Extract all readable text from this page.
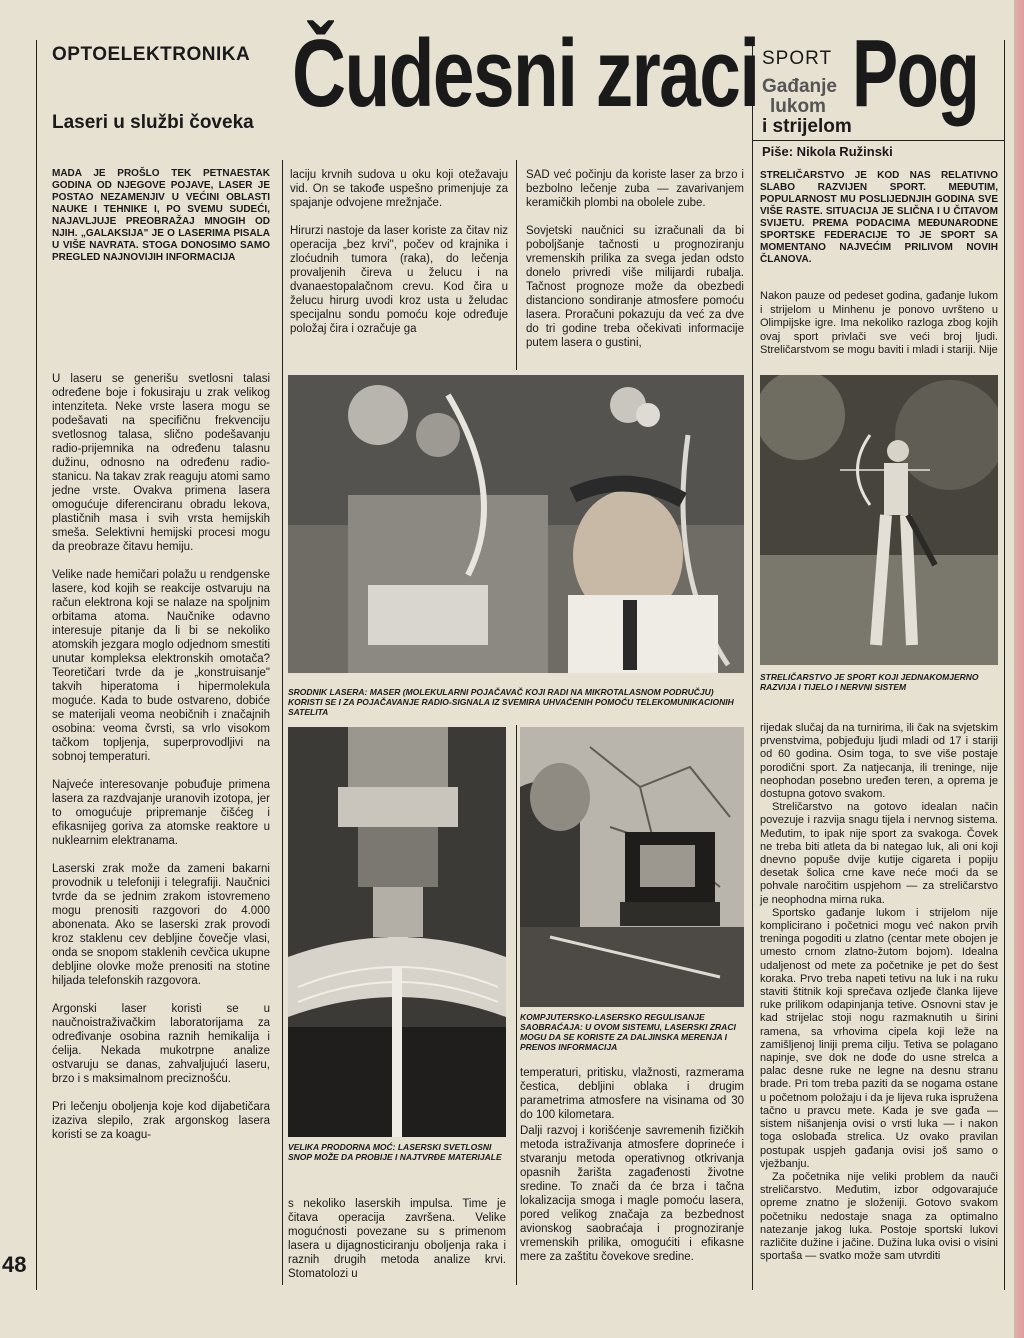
OPTOELEKTRONIKA
Laseri u službi čoveka Čudesni zraci
MADA JE PROŠLO TEK PETNAESTAK GODINA OD NJEGOVE POJAVE, LASER JE POSTAO NEZAMENJIV U VEĆINI OBLASTI NAUKE I TEHNIKE I, PO SVEMU SUDEĆI, NAJAVLJUJE PREOBRAŽAJ MNOGIH OD NJIH. „GALAKSIJA" JE O LASERIMA PISALA U VIŠE NAVRATA. STOGA DONOSIMO SAMO PREGLED NAJNOVIJIH INFORMACIJA

U laseru se generišu svetlosni talasi određene boje i fokusiraju u zrak velikog intenziteta. Neke vrste lasera mogu se podešavati na specifičnu frekvenciju svetlosnog talasa, slično podešavanju radio-prijemnika na određenu talasnu dužinu, odnosno na određenu radio-stanicu. Na takav zrak reaguju atomi samo jedne vrste. Ovakva primena lasera omogućuje diferenciranu obradu lekova, plastičnih masa i svih vrsta hemijskih smeša. Selektivni hemijski procesi mogu da preobraze čitavu hemiju.

Velike nade hemičari polažu u rendgenske lasere, kod kojih se reakcije ostvaruju na račun elektrona koji se nalaze na spoljnim orbitama atoma. Naučnike odavno interesuje pitanje da li bi se nekoliko atomskih jezgara moglo odjednom smestiti unutar kompleksa elektronskih omotača? Teoretičari tvrde da je „konstruisanje" takvih hiperatoma i hipermolekula moguće. Kada to bude ostvareno, dobiće se materijali veoma neobičnih i značajnih osobina: veoma čvrsti, sa vrlo visokom tačkom topljenja, superprovodljivi na sobnoj temperaturi.

Najveće interesovanje pobuđuje primena lasera za razdvajanje uranovih izotopa, jer to omogućuje pripremanje čišćeg i efikasnijeg goriva za atomske reaktore u nuklearnim elektranama.

Laserski zrak može da zameni bakarni provodnik u telefoniji i telegrafiji. Naučnici tvrde da se jednim zrakom istovremeno mogu prenositi razgovori do 4.000 abonenata. Ako se laserski zrak provodi kroz staklenu cev debljine čovečje vlasi, onda se snopom staklenih cevčica ukupne debljine olovke može prenositi na stotine hiljada telefonskih razgovora.

Argonski laser koristi se u naučnoistraživačkim laboratorijama za određivanje osobina raznih hemikalija i ćelija. Nekada mukotrpne analize ostvaruju se danas, zahvaljujući laseru, brzo i s maksimalnom preciznošću.

Pri lečenju oboljenja koje kod dijabetičara izaziva slepilo, zrak argonskog lasera koristi se za koagu-

laciju krvnih sudova u oku koji otežavaju vid. On se takođe uspešno primenjuje za spajanje odvojene mrežnjače.

Hirurzi nastoje da laser koriste za čitav niz operacija „bez krvi", počev od krajnika i zloćudnih tumora (raka), do lečenja provaljenih čireva u želucu i na dvanaestopalačnom crevu. Kod čira u želucu hirurg uvodi kroz usta u želudac specijalnu sondu pomoću koje određuje položaj čira i ozračuje ga

SAD već počinju da koriste laser za brzo i bezbolno lečenje zuba — zavarivanjem keramičkih plombi na obolele zube.

Sovjetski naučnici su izračunali da bi poboljšanje tačnosti u prognoziranju vremenskih prilika za svega jedan odsto donelo privredi više milijardi rubalja. Tačnost prognoze može da obezbedi distanciono sondiranje atmosfere pomoću lasera. Proračuni pokazuju da već za dve do tri godine treba očekivati informacije putem lasera o gustini,

SRODNIK LASERA: MASER (MOLEKULARNI POJAČAVAČ KOJI RADI NA MIKROTALASNOM PODRUČJU) KORISTI SE I ZA POJAČAVANJE RADIO-SIGNALA IZ SVEMIRA UHVAĆENIH POMOĆU TELEKOMUNIKACIONIH SATELITA
VELIKA PRODORNA MOĆ: LASERSKI SVETLOSNI SNOP MOŽE DA PROBIJE I NAJTVRĐE MATERIJALE
s nekoliko laserskih impulsa. Time je čitava operacija završena. Velike mogućnosti povezane su s primenom lasera u dijagnosticiranju oboljenja raka i raznih drugih metoda analize krvi. Stomatolozi u
KOMPJUTERSKO-LASERSKO REGULISANJE SAOBRAĆAJA: U OVOM SISTEMU, LASERSKI ZRACI MOGU DA SE KORISTE ZA DALJINSKA MERENJA I PRENOS INFORMACIJA

temperaturi, pritisku, vlažnosti, razmerama čestica, debljini oblaka i drugim parametrima atmosfere na visinama od 30 do 100 kilometara.

Dalji razvoj i korišćenje savremenih fizičkih metoda istraživanja atmosfere doprineće i stvaranju metoda operativnog otkrivanja opasnih žarišta zagađenosti životne sredine. To znači da će brza i tačna lokalizacija smoga i magle pomoću lasera, pored velikog značaja za bezbednost avionskog saobraćaja i prognoziranje vremenskih prilika, omogućiti i efikasne mere za zaštitu čovekove sredine.

SPORT
Gađanje
lukom
i strijelom Pog
Piše: Nikola Ružinski
STRELIČARSTVO JE KOD NAS RELATIVNO SLABO RAZVIJEN SPORT. MEĐUTIM, POPULARNOST MU POSLIJEDNJIH GODINA SVE VIŠE RASTE. SITUACIJA JE SLIČNA I U ČITAVOM SVIJETU. PREMA PODACIMA MEĐUNARODNE SPORTSKE FEDERACIJE TO JE SPORT SA MOMENTANO NAJVEĆIM PRILIVOM NOVIH ČLANOVA.
Nakon pauze od pedeset godina, gađanje lukom i strijelom u Minhenu je ponovo uvršteno u Olimpijske igre. Ima nekoliko razloga zbog kojih ovaj sport privlači sve veći broj ljudi. Streličarstvom se mogu baviti i mladi i stariji. Nije
STRELIČARSTVO JE SPORT KOJI JEDNAKOMJERNO RAZVIJA I TIJELO I NERVNI SISTEM

rijedak slučaj da na turnirima, ili čak na svjetskim prvenstvima, pobjeđuju ljudi mladi od 17 i stariji od 60 godina. Osim toga, to sve više postaje porodični sport. Za natjecanja, ili treninge, nije neophodan posebno uređen teren, a oprema je dostupna gotovo svakom.

Streličarstvo na gotovo idealan način povezuje i razvija snagu tijela i nervnog sistema. Međutim, to ipak nije sport za svakoga. Čovek ne treba biti atleta da bi nategao luk, ali oni koji dnevno popuše dvije kutije cigareta i popiju desetak šolica crne kave neće moći da se pohvale naročitim uspjehom — za streličarstvo je neophodna mirna ruka.

Sportsko gađanje lukom i strijelom nije komplicirano i početnici mogu već nakon prvih treninga pogoditi u zlatno (centar mete obojen je umesto crnom zlatno-žutom bojom). Idealna udaljenost od mete za početnike je pet do šest koraka. Prvo treba napeti tetivu na luk i na ruku staviti štitnik koji sprečava ozljeđe članka lijeve ruke prilikom odapinjanja tetive. Osnovni stav je kad strijelac stoji nogu razmaknutih u širini ramena, sa vrhovima cipela koji leže na zamišljenoj liniji prema cilju. Tetiva se polagano napinje, sve dok ne dođe do usne strelca a palac desne ruke ne legne na desnu stranu brade. Pri tom treba paziti da se nogama ostane u početnom položaju i da je lijeva ruka ispružena tačno u pravcu mete. Kada je sve gađa — sistem nišanjenja ovisi o vrsti luka — i nakon toga oslobađa strelica. Uz ovako pravilan postupak uspjeh gađanja ovisi još samo o vježbanju.

Za početnika nije veliki problem da nauči streličarstvo. Međutim, izbor odgovarajuće opreme znatno je složeniji. Gotovo svakom početniku nedostaje snaga za optimalno natezanje jakog luka. Postoje sportski lukovi različite dužine i jačine. Dužina luka ovisi o visini sportaša — svatko može sam utvrditi

48
